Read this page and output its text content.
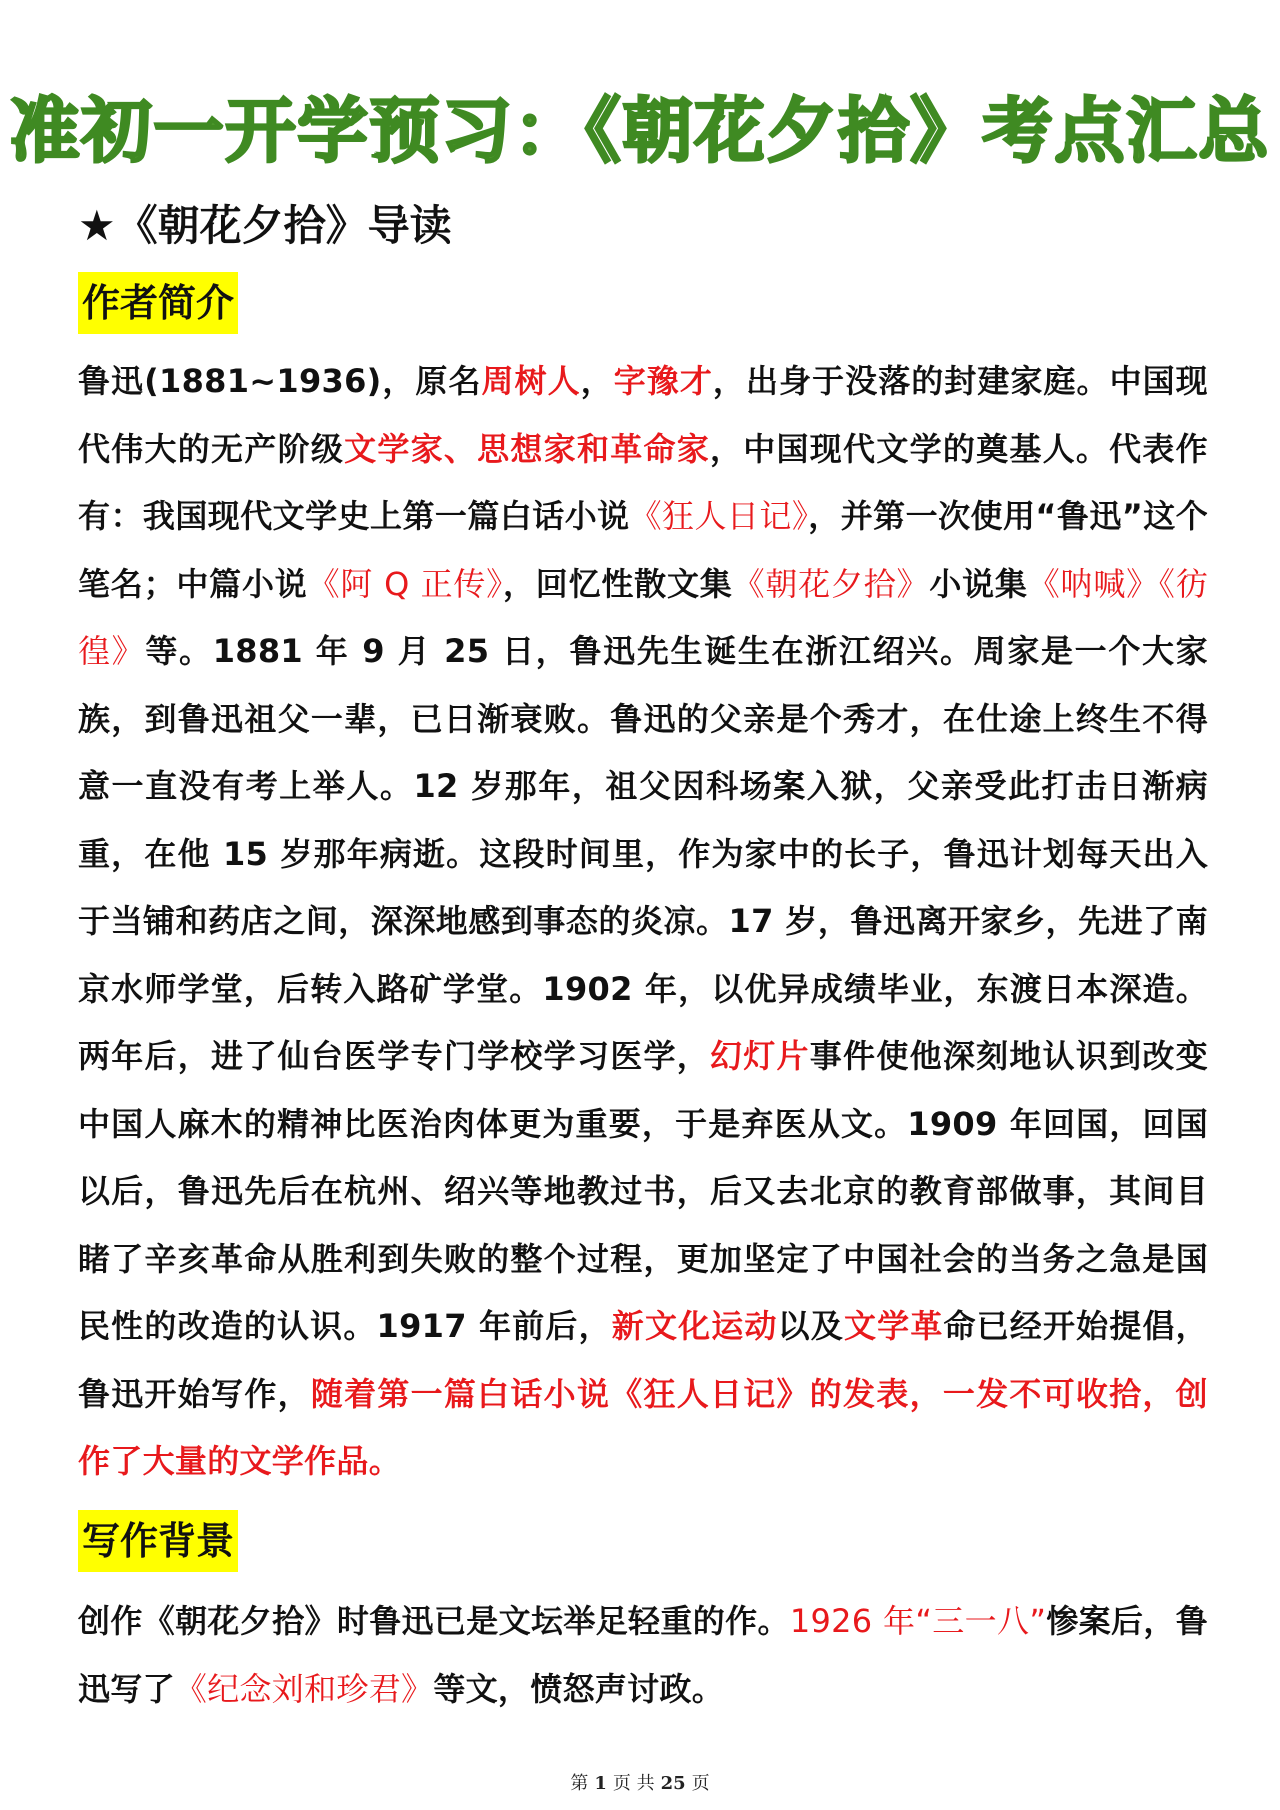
准初一开学预习：《朝花夕拾》考点汇总
★《朝花夕拾》导读
作者简介
鲁迅(1881~1936)，原名周树人，字豫才，出身于没落的封建家庭。中国现代伟大的无产阶级文学家、思想家和革命家，中国现代文学的奠基人。代表作有：我国现代文学史上第一篇白话小说《狂人日记》，并第一次使用“鲁迅”这个笔名；中篇小说《阿 Q 正传》，回忆性散文集《朝花夕拾》小说集《呐喊》《彷徨》等。1881 年 9 月 25 日，鲁迅先生诞生在浙江绍兴。周家是一个大家族，到鲁迅祖父一辈，已日渐衰败。鲁迅的父亲是个秀才，在仕途上终生不得意一直没有考上举人。12 岁那年，祖父因科场案入狱，父亲受此打击日渐病重，在他 15 岁那年病逝。这段时间里，作为家中的长子，鲁迅计划每天出入于当铺和药店之间，深深地感到事态的炎凉。17 岁，鲁迅离开家乡，先进了南京水师学堂，后转入路矿学堂。1902 年，以优异成绩毕业，东渡日本深造。 两年后，进了仙台医学专门学校学习医学，幻灯片事件使他深刻地认识到改变中国人麻木的精神比医治肉体更为重要，于是弃医从文。1909 年回国，回国以后，鲁迅先后在杭州、绍兴等地教过书，后又去北京的教育部做事，其间目睹了辛亥革命从胜利到失败的整个过程，更加坚定了中国社会的当务之急是国民性的改造的认识。1917 年前后，新文化运动以及文学革命已经开始提倡，鲁迅开始写作，随着第一篇白话小说《狂人日记》的发表，一发不可收拾，创作了大量的文学作品。
写作背景
创作《朝花夕拾》时鲁迅已是文坛举足轻重的作。1926 年“三一八”惨案后，鲁迅写了《纪念刘和珍君》等文，愤怒声讨政。
第 1 页 共 25 页
